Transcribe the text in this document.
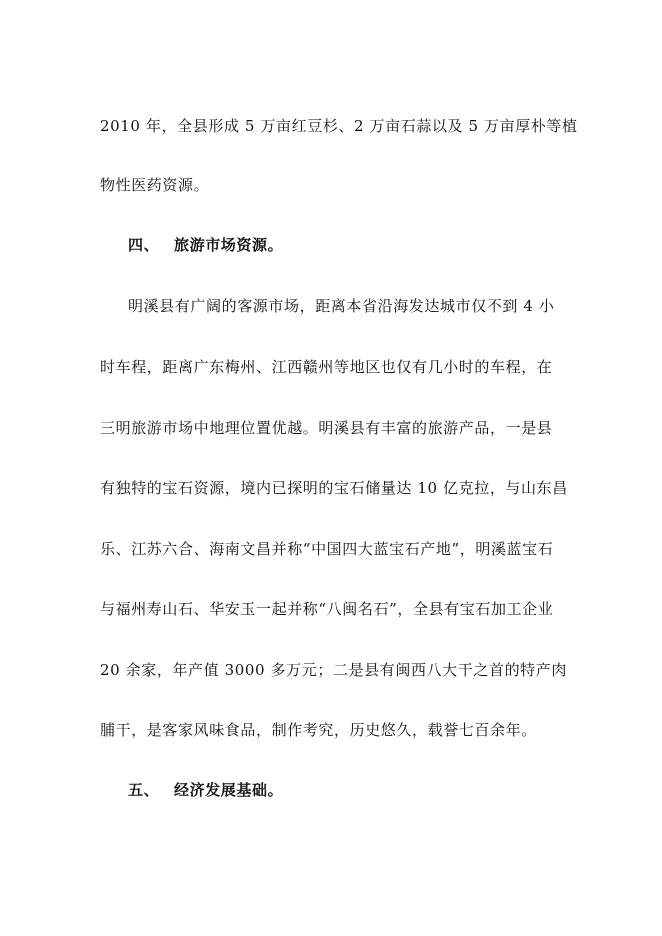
2010 年，全县形成 5 万亩红豆杉、2 万亩石蒜以及 5 万亩厚朴等植
物性医药资源。
四、 旅游市场资源。
明溪县有广阔的客源市场，距离本省沿海发达城市仅不到 4 小
时车程，距离广东梅州、江西赣州等地区也仅有几小时的车程，在
三明旅游市场中地理位置优越。明溪县有丰富的旅游产品，一是县
有独特的宝石资源，境内已探明的宝石储量达 10 亿克拉，与山东昌
乐、江苏六合、海南文昌并称“中国四大蓝宝石产地”，明溪蓝宝石
与福州寿山石、华安玉一起并称“八闽名石”，全县有宝石加工企业
20 余家，年产值 3000 多万元；二是县有闽西八大干之首的特产肉
脯干，是客家风味食品，制作考究，历史悠久，载誉七百余年。
五、 经济发展基础。
